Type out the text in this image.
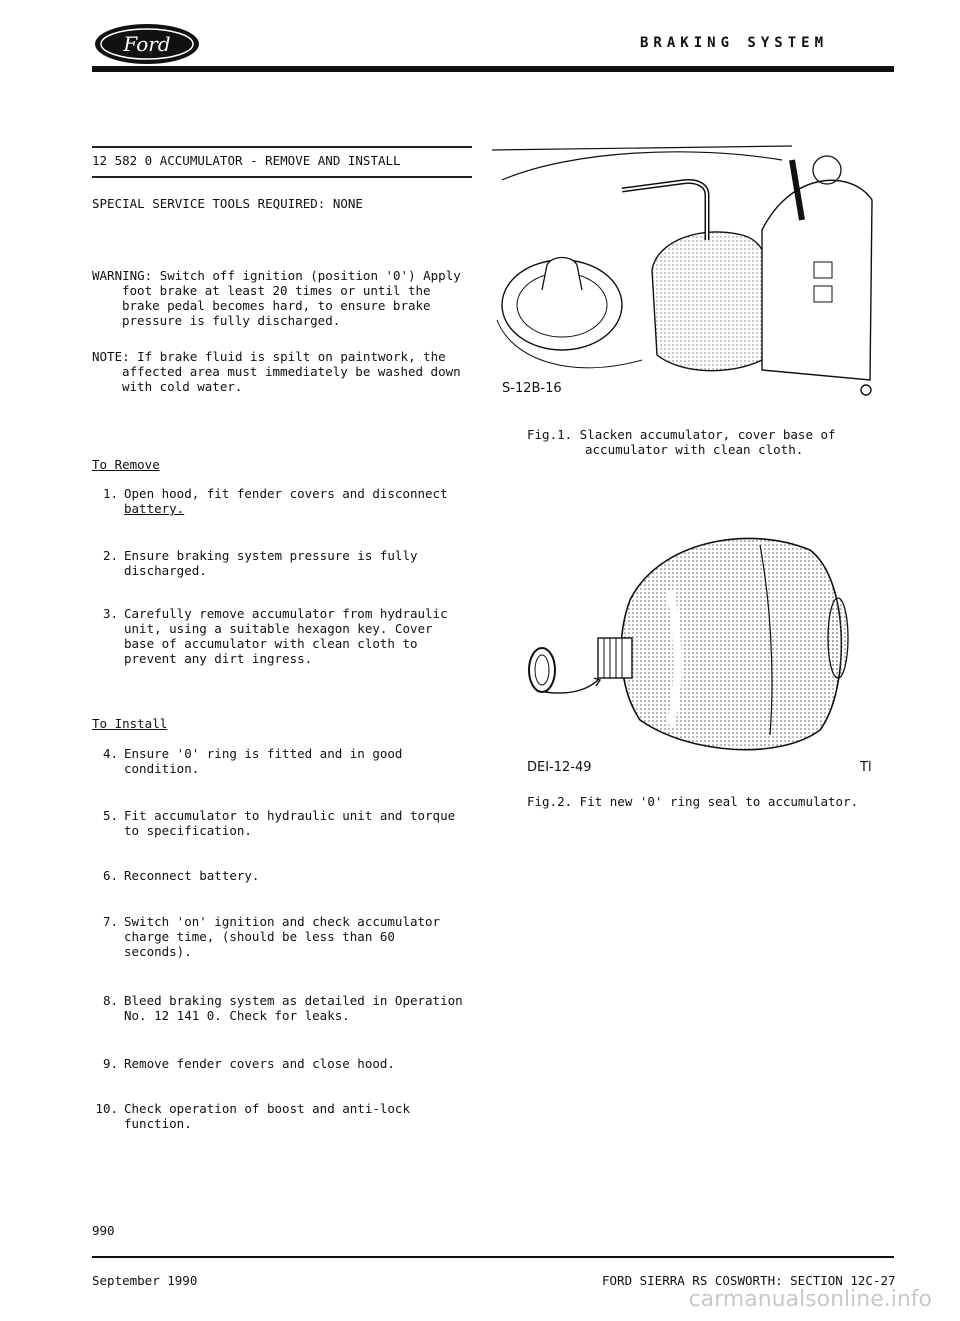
Ford	BRAKING SYSTEM
12 582 0 ACCUMULATOR - REMOVE AND INSTALL
SPECIAL SERVICE TOOLS REQUIRED: NONE
WARNING: Switch off ignition (position '0') Apply
foot brake at least 20 times or until the
brake pedal becomes hard, to ensure brake
pressure is fully discharged.
NOTE: If brake fluid is spilt on paintwork, the
affected area must immediately be washed down
with cold water.
To Remove
1. Open hood, fit fender covers and disconnect
battery.
2. Ensure braking system pressure is fully
discharged.
3. Carefully remove accumulator from hydraulic
unit, using a suitable hexagon key. Cover
base of accumulator with clean cloth to
prevent any dirt ingress.
To Install
4. Ensure '0' ring is fitted and in good
condition.
5. Fit accumulator to hydraulic unit and torque
to specification.
6. Reconnect battery.
7. Switch 'on' ignition and check accumulator
charge time, (should be less than 60
seconds).
8. Bleed braking system as detailed in Operation
No. 12 141 0. Check for leaks.
9. Remove fender covers and close hood.
10. Check operation of boost and anti-lock
function.
S-12B-16
Fig.1. Slacken accumulator, cover base of
accumulator with clean cloth.
DEI-12-49	Tl
Fig.2. Fit new '0' ring seal to accumulator.
990
September 1990	FORD SIERRA RS COSWORTH: SECTION 12C-27
carmanualsonline.info
